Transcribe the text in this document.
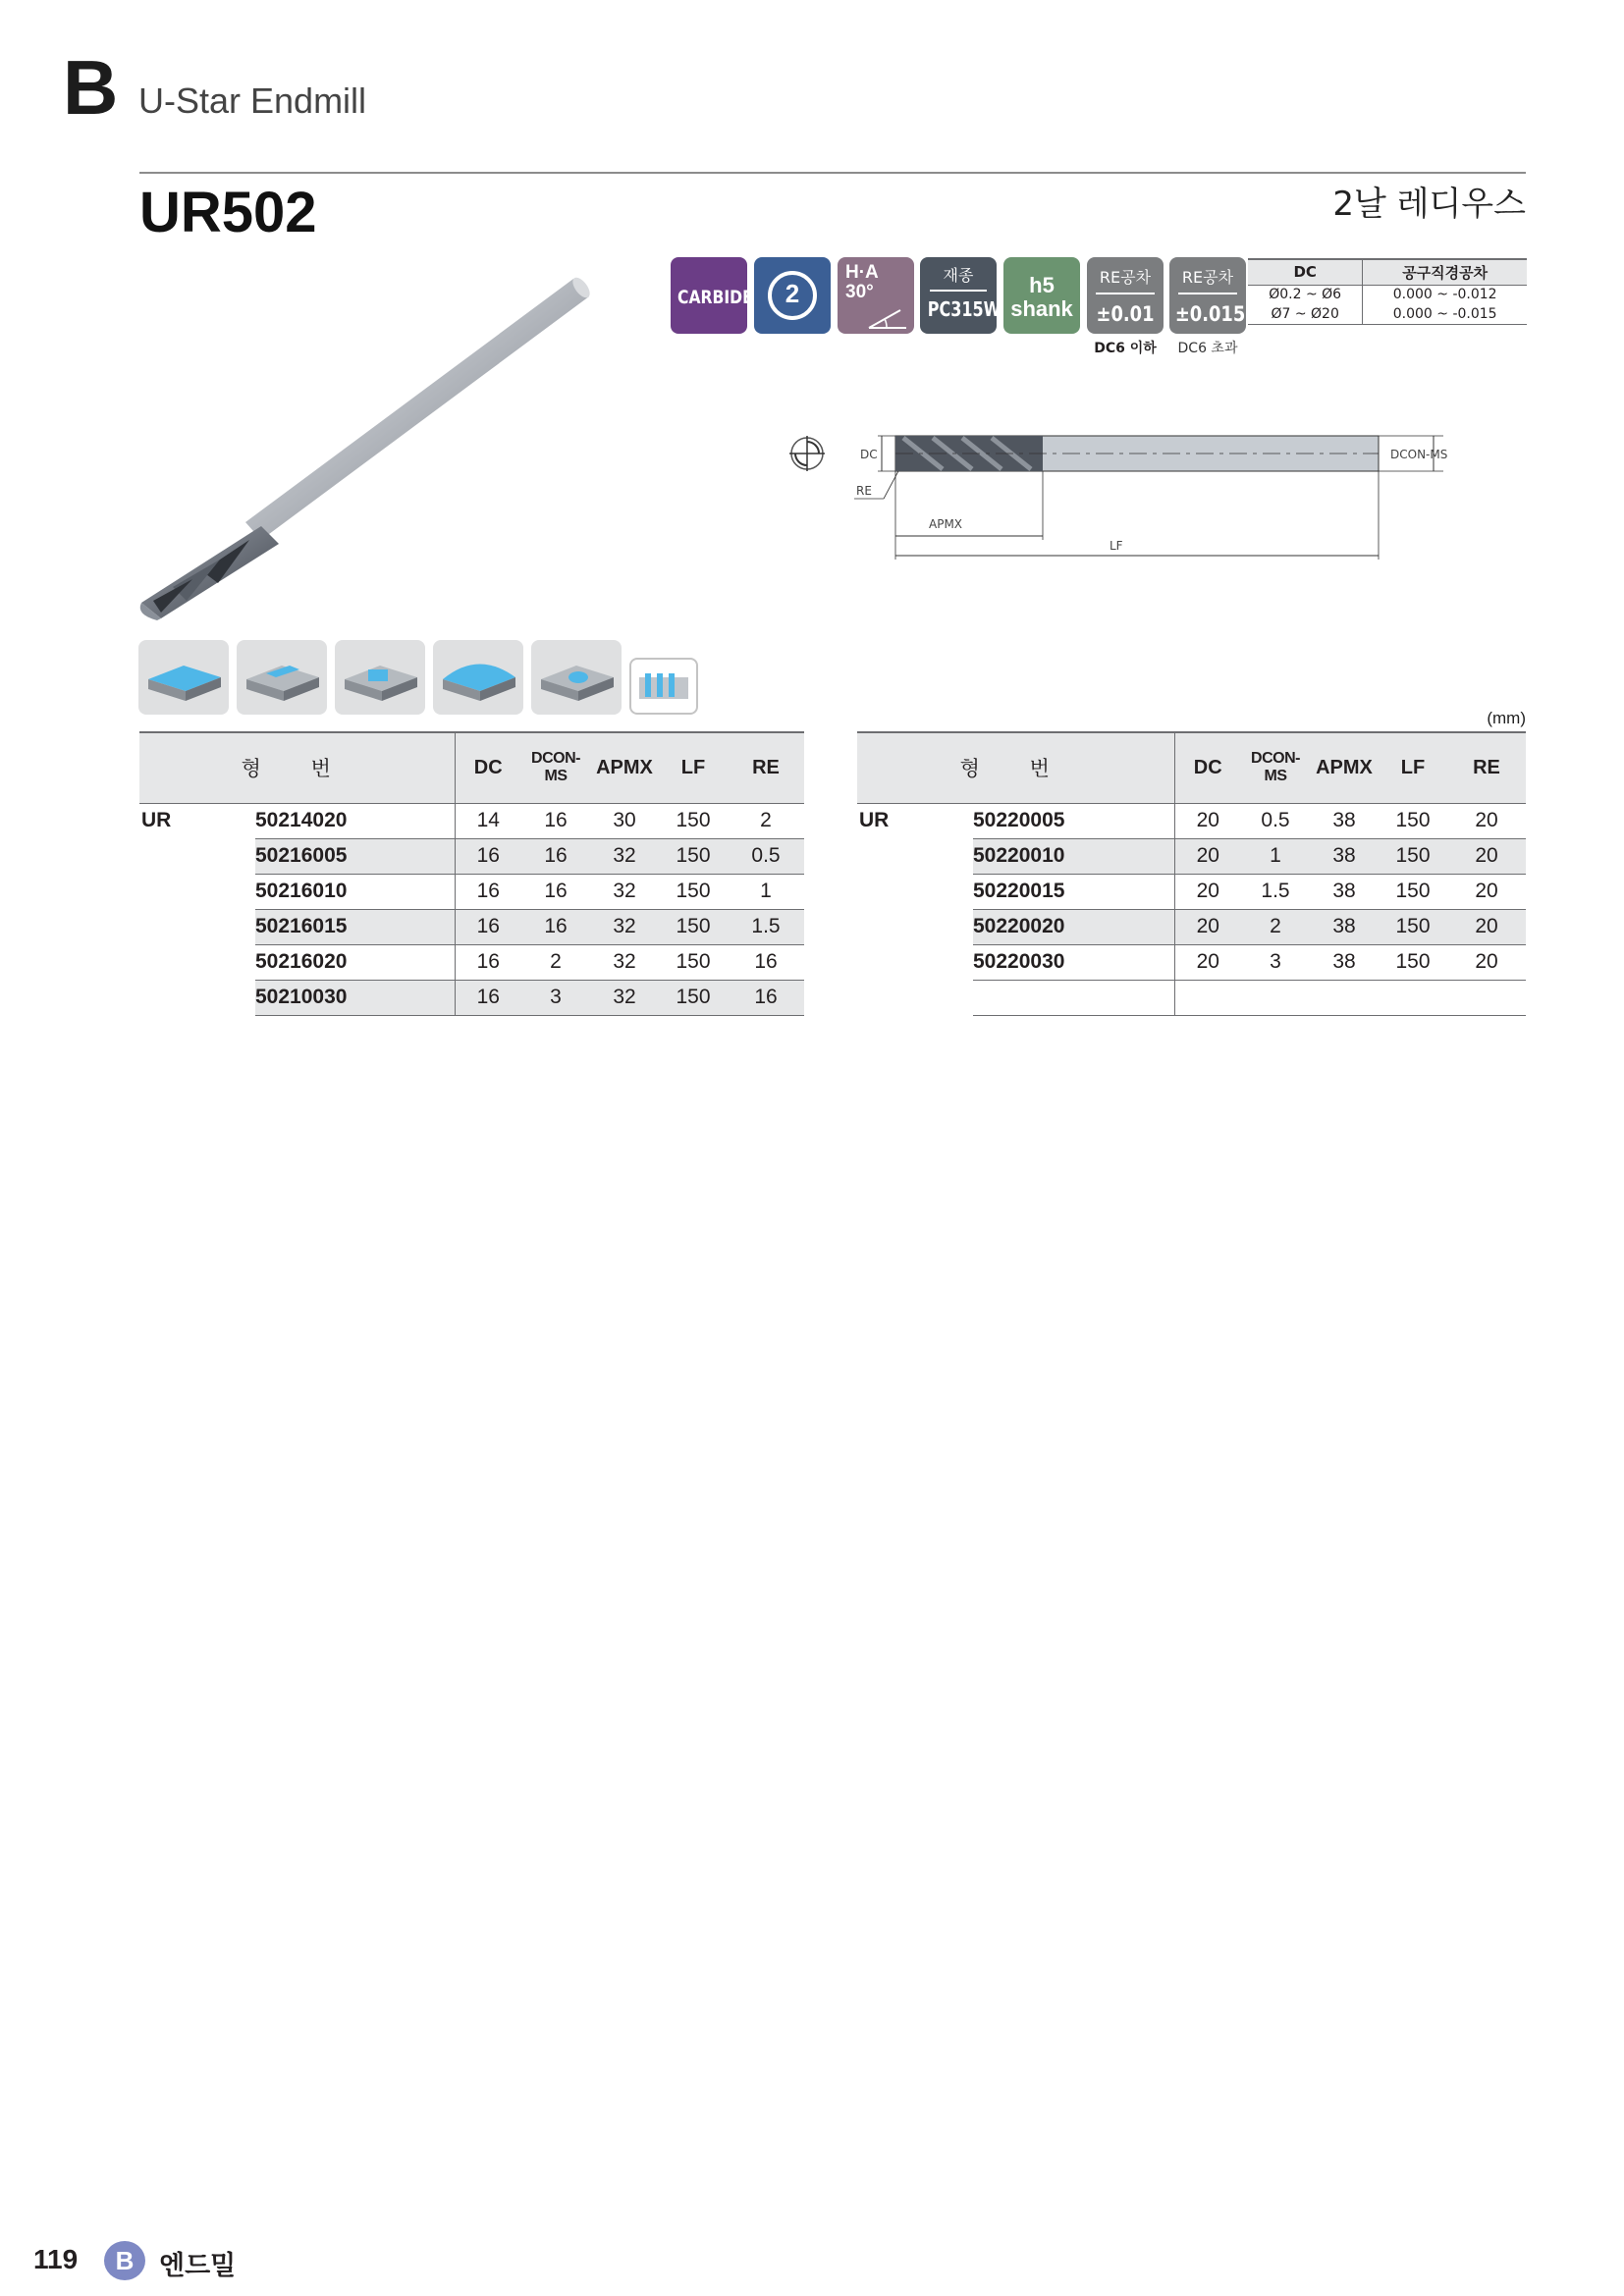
B U-Star Endmill
UR502	2날 레디우스
CARBIDE	2
H·A
30°
재종
PC315W
h5
shank
RE공차
±0.01
RE공차
±0.015
DC6 이하	DC6 초과
DC	공구직경공차
Ø0.2 ~ Ø6	0.000 ~ -0.012
Ø7 ~ Ø20	0.000 ~ -0.015
DC
RE
DCON-MS
APMX
LF
(mm)
형 번		DC	DCON-MS	APMX	LF	RE
UR	50214020	14	16	30	150	2
	50216005	16	16	32	150	0.5
	50216010	16	16	32	150	1
	50216015	16	16	32	150	1.5
	50216020	16	2	32	150	16
	50210030	16	3	32	150	16
형 번		DC	DCON-MS	APMX	LF	RE
UR	50220005	20	0.5	38	150	20
	50220010	20	1	38	150	20
	50220015	20	1.5	38	150	20
	50220020	20	2	38	150	20
	50220030	20	3	38	150	20

119	B 엔드밀
